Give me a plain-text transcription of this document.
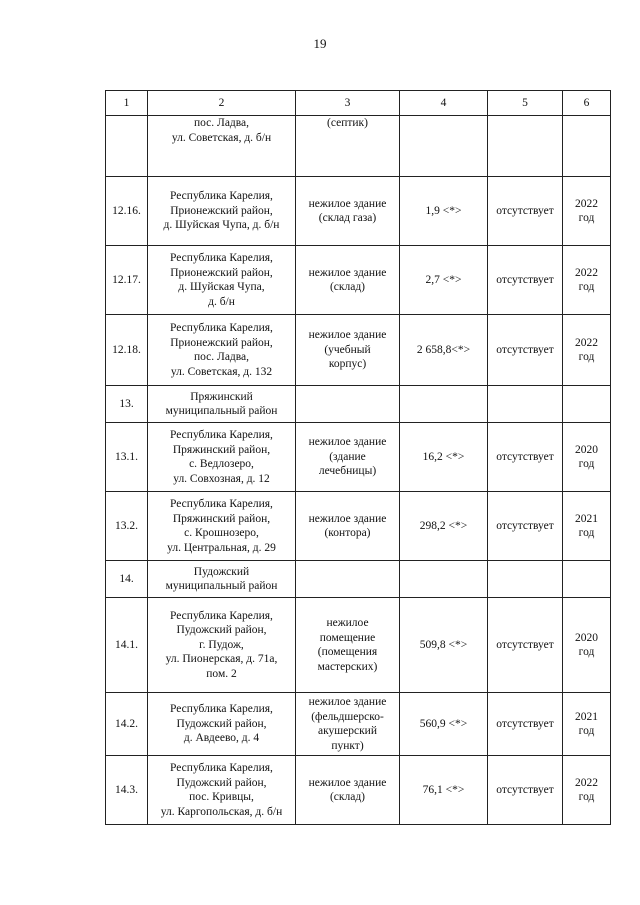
19
1	2	3	4	5	6
	пос. Ладва,
ул. Советская, д. б/н	(септик)			
12.16.	Республика Карелия,
Прионежский район,
д. Шуйская Чупа, д. б/н	нежилое здание
(склад газа)	1,9 <*>	отсутствует	2022
год
12.17.	Республика Карелия,
Прионежский район,
д. Шуйская Чупа,
д. б/н	нежилое здание
(склад)	2,7 <*>	отсутствует	2022
год
12.18.	Республика Карелия,
Прионежский район,
пос. Ладва,
ул. Советская, д. 132	нежилое здание
(учебный
корпус)	2 658,8<*>	отсутствует	2022
год
13.	Пряжинский
муниципальный район				
13.1.	Республика Карелия,
Пряжинский район,
с. Ведлозеро,
ул. Совхозная, д. 12	нежилое здание
(здание
лечебницы)	16,2 <*>	отсутствует	2020
год
13.2.	Республика Карелия,
Пряжинский район,
с. Крошнозеро,
ул. Центральная, д. 29	нежилое здание
(контора)	298,2 <*>	отсутствует	2021
год
14.	Пудожский
муниципальный район				
14.1.	Республика Карелия,
Пудожский район,
г. Пудож,
ул. Пионерская, д. 71а,
пом. 2	нежилое
помещение
(помещения
мастерских)	509,8 <*>	отсутствует	2020
год
14.2.	Республика Карелия,
Пудожский район,
д. Авдеево, д. 4	нежилое здание
(фельдшерско-
акушерский
пункт)	560,9 <*>	отсутствует	2021
год
14.3.	Республика Карелия,
Пудожский район,
пос. Кривцы,
ул. Каргопольская, д. б/н	нежилое здание
(склад)	76,1 <*>	отсутствует	2022
год
